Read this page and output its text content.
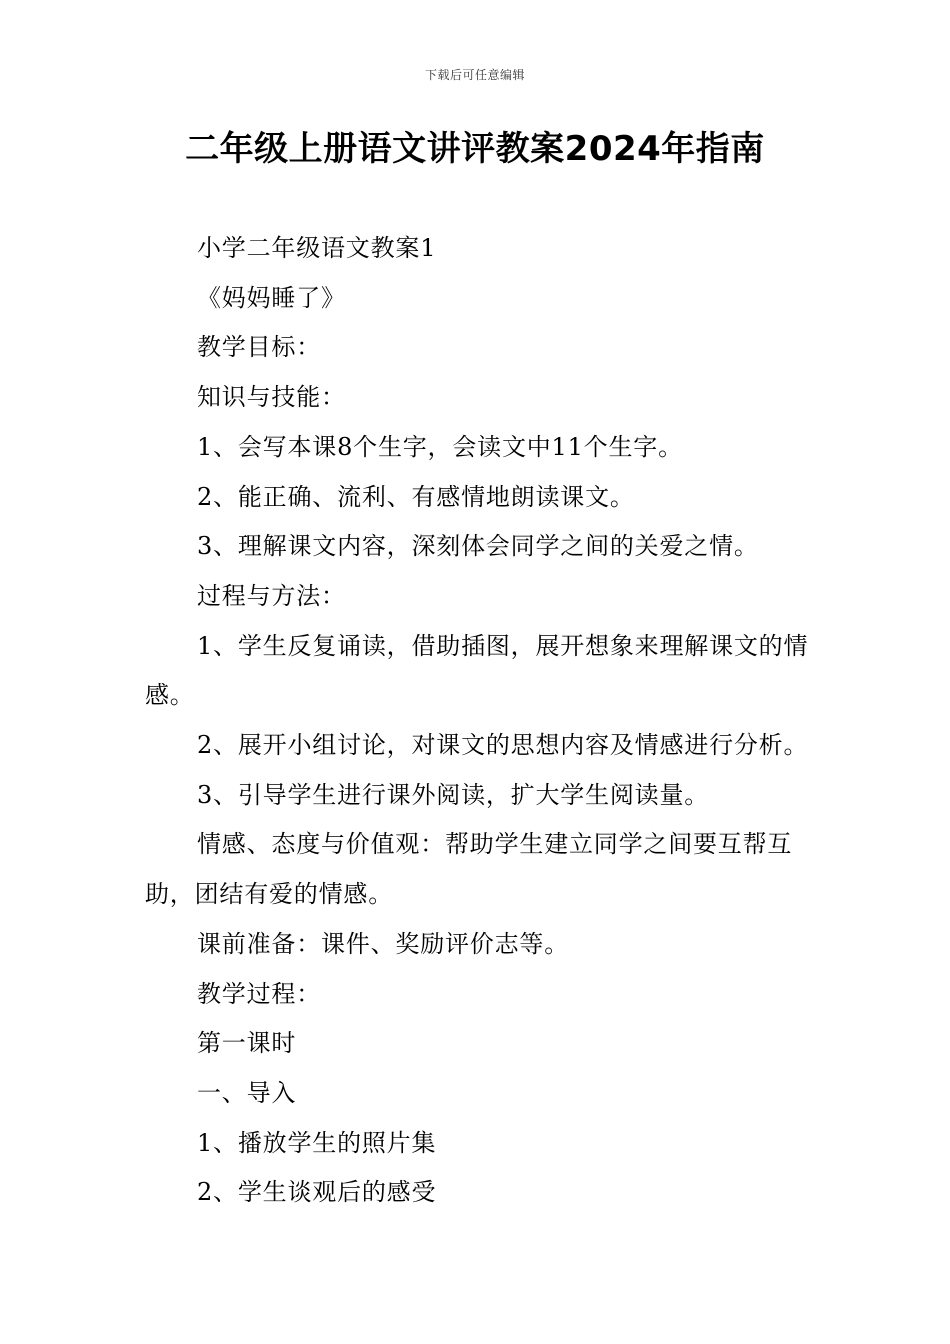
下载后可任意编辑
二年级上册语文讲评教案2024年指南

小学二年级语文教案1

《妈妈睡了》

教学目标：

知识与技能：

1、会写本课8个生字，会读文中11个生字。

2、能正确、流利、有感情地朗读课文。

3、理解课文内容，深刻体会同学之间的关爱之情。

过程与方法：

1、学生反复诵读，借助插图，展开想象来理解课文的情感。

2、展开小组讨论，对课文的思想内容及情感进行分析。

3、引导学生进行课外阅读，扩大学生阅读量。

情感、态度与价值观：帮助学生建立同学之间要互帮互助，团结有爱的情感。

课前准备：课件、奖励评价志等。

教学过程：

第一课时

一、导入

1、播放学生的照片集

2、学生谈观后的感受
